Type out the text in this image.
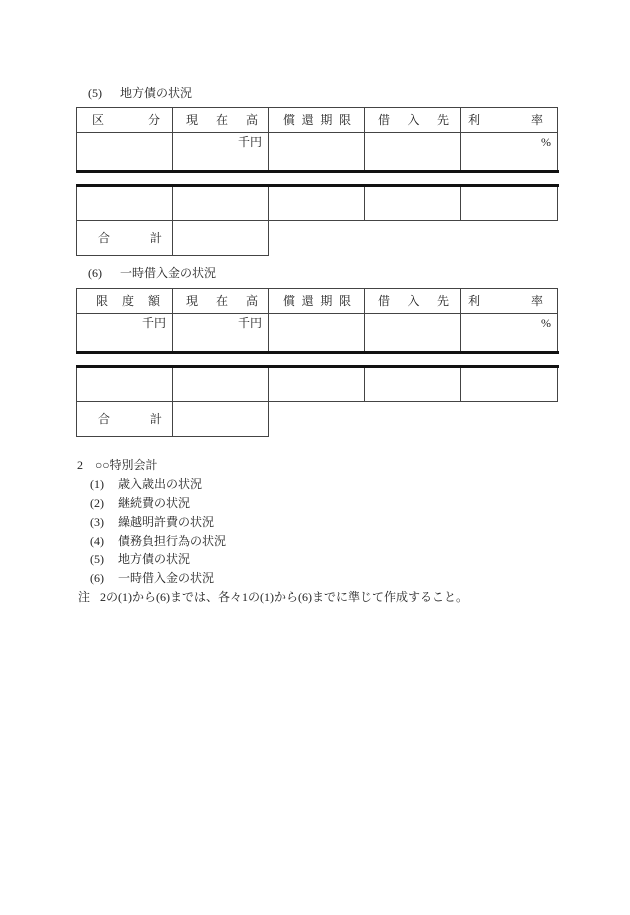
(5) 地方債の状況
区 分	現 在 高	償 還 期 限	借 入 先	利 率

	千円			%

合 計				

(6) 一時借入金の状況
限 度 額	現 在 高	償 還 期 限	借 入 先	利 率

千円	千円			%

合 計				

2 ○○特別会計
(1) 歳入歳出の状況
(2) 継続費の状況
(3) 繰越明許費の状況
(4) 債務負担行為の状況
(5) 地方債の状況
(6) 一時借入金の状況
注 2の(1)から(6)までは、各々1の(1)から(6)までに準じて作成すること。
